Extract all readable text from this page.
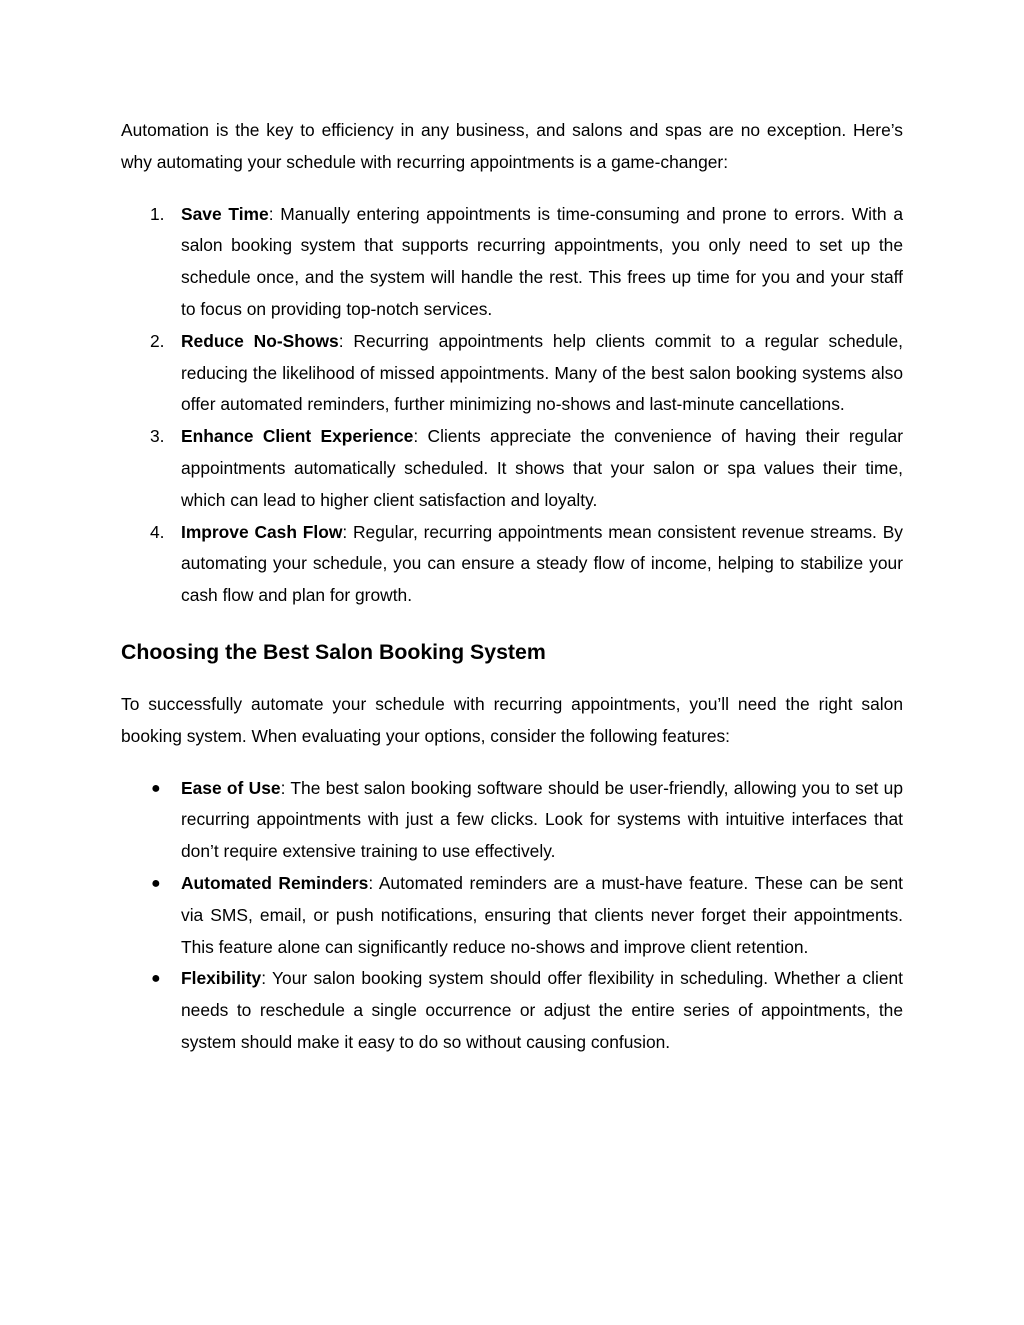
Automation is the key to efficiency in any business, and salons and spas are no exception. Here’s why automating your schedule with recurring appointments is a game-changer:

1. Save Time: Manually entering appointments is time-consuming and prone to errors. With a salon booking system that supports recurring appointments, you only need to set up the schedule once, and the system will handle the rest. This frees up time for you and your staff to focus on providing top-notch services.
2. Reduce No-Shows: Recurring appointments help clients commit to a regular schedule, reducing the likelihood of missed appointments. Many of the best salon booking systems also offer automated reminders, further minimizing no-shows and last-minute cancellations.
3. Enhance Client Experience: Clients appreciate the convenience of having their regular appointments automatically scheduled. It shows that your salon or spa values their time, which can lead to higher client satisfaction and loyalty.
4. Improve Cash Flow: Regular, recurring appointments mean consistent revenue streams. By automating your schedule, you can ensure a steady flow of income, helping to stabilize your cash flow and plan for growth.
Choosing the Best Salon Booking System

To successfully automate your schedule with recurring appointments, you’ll need the right salon booking system. When evaluating your options, consider the following features:

● Ease of Use: The best salon booking software should be user-friendly, allowing you to set up recurring appointments with just a few clicks. Look for systems with intuitive interfaces that don’t require extensive training to use effectively.
● Automated Reminders: Automated reminders are a must-have feature. These can be sent via SMS, email, or push notifications, ensuring that clients never forget their appointments. This feature alone can significantly reduce no-shows and improve client retention.
● Flexibility: Your salon booking system should offer flexibility in scheduling. Whether a client needs to reschedule a single occurrence or adjust the entire series of appointments, the system should make it easy to do so without causing confusion.
